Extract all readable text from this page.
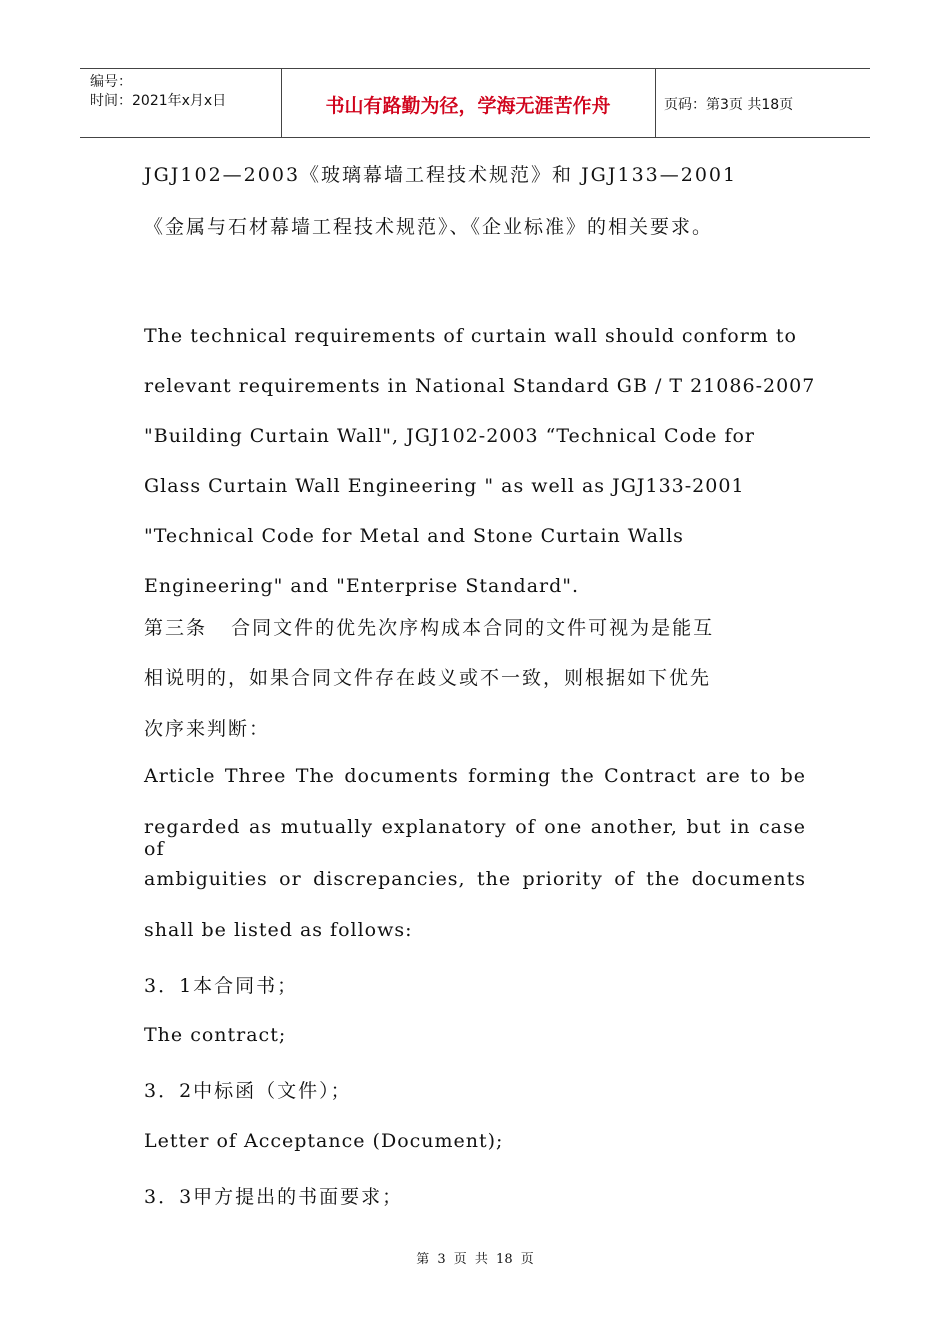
编号：
时间：2021年x月x日	书山有路勤为径，学海无涯苦作舟	页码：第3页 共18页
JGJ102—2003《玻璃幕墙工程技术规范》和 JGJ133—2001
《金属与石材幕墙工程技术规范》、《企业标准》的相关要求。
The technical requirements of curtain wall should conform to
relevant requirements in National Standard GB / T 21086-2007
"Building Curtain Wall", JGJ102-2003 “Technical Code for
Glass Curtain Wall Engineering " as well as JGJ133-2001
"Technical Code for Metal and Stone Curtain Walls
Engineering" and "Enterprise Standard".
第三条   合同文件的优先次序构成本合同的文件可视为是能互
相说明的，如果合同文件存在歧义或不一致，则根据如下优先
次序来判断：
Article Three The documents forming the Contract are to be
regarded as mutually explanatory of one another, but in case of
ambiguities or discrepancies, the priority of the documents
shall be listed as follows:
3．1本合同书；
The contract;
3．2中标函（文件）；
Letter of Acceptance (Document);
3．3甲方提出的书面要求；
第 3 页 共 18 页
